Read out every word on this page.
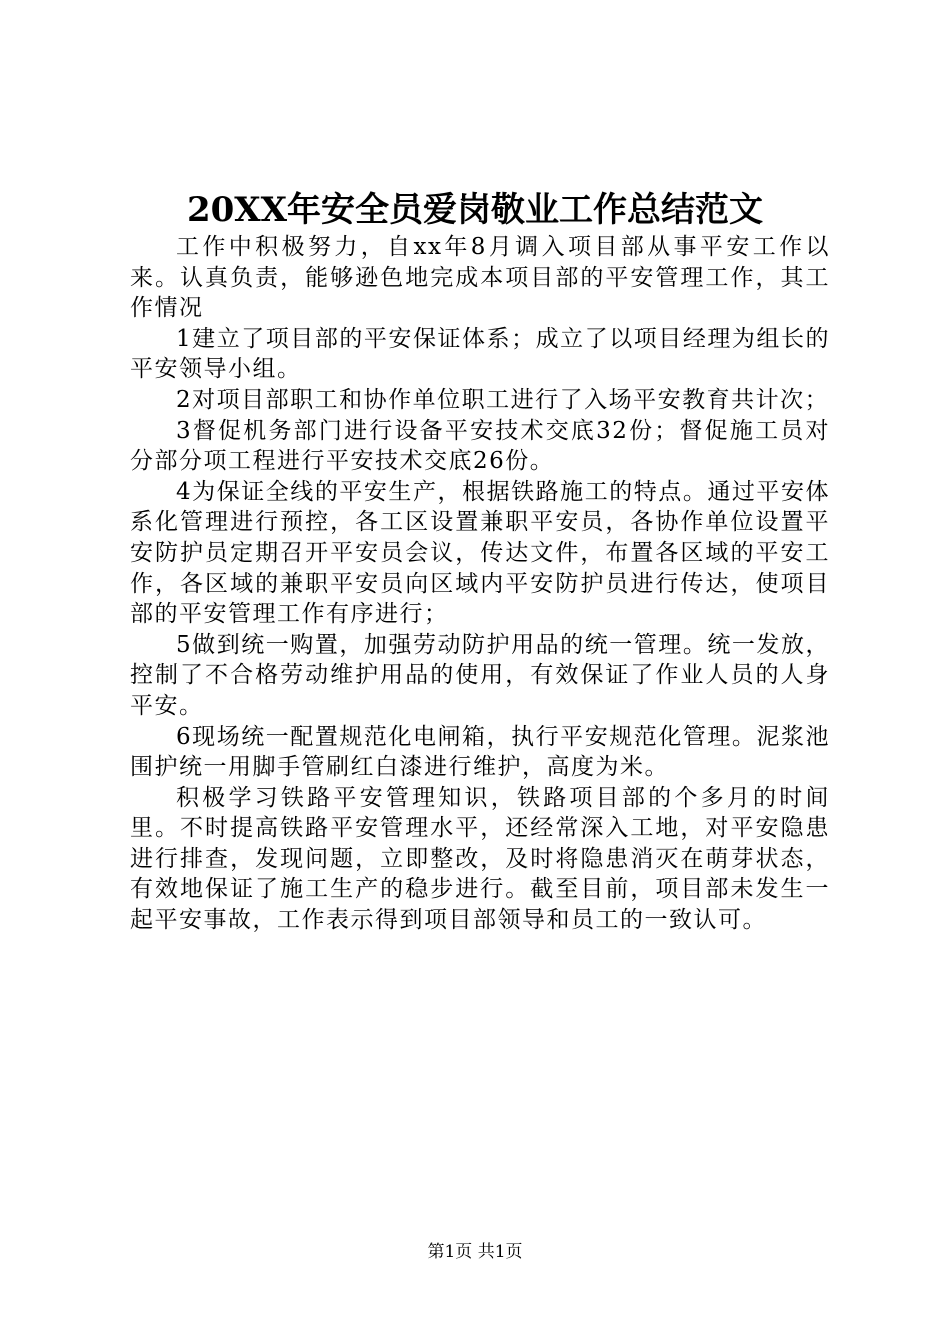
20XX年安全员爱岗敬业工作总结范文

工作中积极努力，自xx年8月调入项目部从事平安工作以来。认真负责，能够逊色地完成本项目部的平安管理工作，其工作情况

1建立了项目部的平安保证体系；成立了以项目经理为组长的平安领导小组。

2对项目部职工和协作单位职工进行了入场平安教育共计次；

3督促机务部门进行设备平安技术交底32份；督促施工员对分部分项工程进行平安技术交底26份。

4为保证全线的平安生产，根据铁路施工的特点。通过平安体系化管理进行预控，各工区设置兼职平安员，各协作单位设置平安防护员定期召开平安员会议，传达文件，布置各区域的平安工作，各区域的兼职平安员向区域内平安防护员进行传达，使项目部的平安管理工作有序进行；

5做到统一购置，加强劳动防护用品的统一管理。统一发放，控制了不合格劳动维护用品的使用，有效保证了作业人员的人身平安。

6现场统一配置规范化电闸箱，执行平安规范化管理。泥浆池围护统一用脚手管刷红白漆进行维护，高度为米。

积极学习铁路平安管理知识，铁路项目部的个多月的时间里。不时提高铁路平安管理水平，还经常深入工地，对平安隐患进行排查，发现问题，立即整改，及时将隐患消灭在萌芽状态，有效地保证了施工生产的稳步进行。截至目前，项目部未发生一起平安事故，工作表示得到项目部领导和员工的一致认可。

第1页 共1页
